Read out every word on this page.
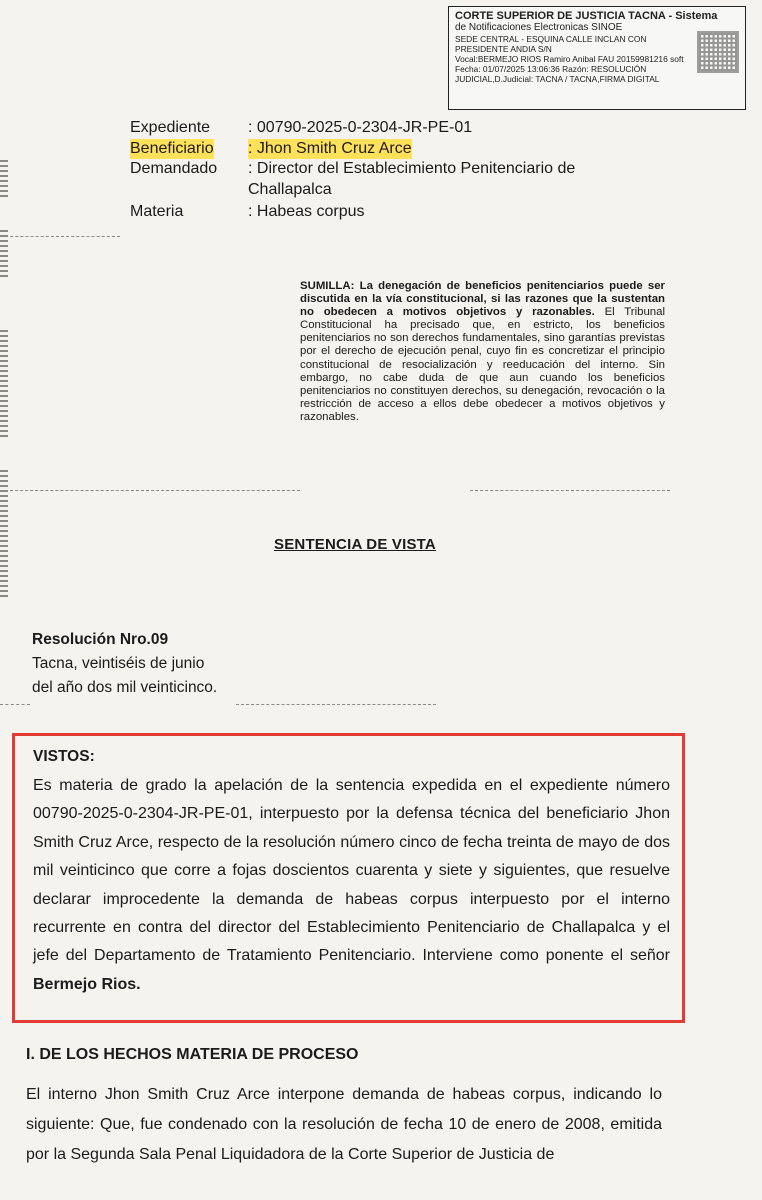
CORTE SUPERIOR DE JUSTICIA TACNA - Sistema
de Notificaciones Electronicas SINOE
SEDE CENTRAL - ESQUINA CALLE INCLAN CON PRESIDENTE ANDIA S/N
Vocal:BERMEJO RIOS Ramiro Anibal FAU 20159981216 soft
Fecha: 01/07/2025 13:06:36 Razón: RESOLUCIÓN JUDICIAL,D.Judicial: TACNA / TACNA,FIRMA DIGITAL
Expediente : 00790-2025-0-2304-JR-PE-01
Beneficiario : Jhon Smith Cruz Arce
Demandado : Director del Establecimiento Penitenciario de
Challapalca
Materia	: Habeas corpus
SUMILLA: La denegación de beneficios penitenciarios puede ser discutida en la vía constitucional, si las razones que la sustentan no obedecen a motivos objetivos y razonables. El Tribunal Constitucional ha precisado que, en estricto, los beneficios penitenciarios no son derechos fundamentales, sino garantías previstas por el derecho de ejecución penal, cuyo fin es concretizar el principio constitucional de resocialización y reeducación del interno. Sin embargo, no cabe duda de que aun cuando los beneficios penitenciarios no constituyen derechos, su denegación, revocación o la restricción de acceso a ellos debe obedecer a motivos objetivos y razonables.
SENTENCIA DE VISTA
Resolución Nro.09
Tacna, veintiséis de junio
del año dos mil veinticinco.
VISTOS:
Es materia de grado la apelación de la sentencia expedida en el expediente número 00790-2025-0-2304-JR-PE-01, interpuesto por la defensa técnica del beneficiario Jhon Smith Cruz Arce, respecto de la resolución número cinco de fecha treinta de mayo de dos mil veinticinco que corre a fojas doscientos cuarenta y siete y siguientes, que resuelve declarar improcedente la demanda de habeas corpus interpuesto por el interno recurrente en contra del director del Establecimiento Penitenciario de Challapalca y el jefe del Departamento de Tratamiento Penitenciario. Interviene como ponente el señor Bermejo Rios.
I. DE LOS HECHOS MATERIA DE PROCESO
El interno Jhon Smith Cruz Arce interpone demanda de habeas corpus, indicando lo siguiente: Que, fue condenado con la resolución de fecha 10 de enero de 2008, emitida por la Segunda Sala Penal Liquidadora de la Corte Superior de Justicia de
